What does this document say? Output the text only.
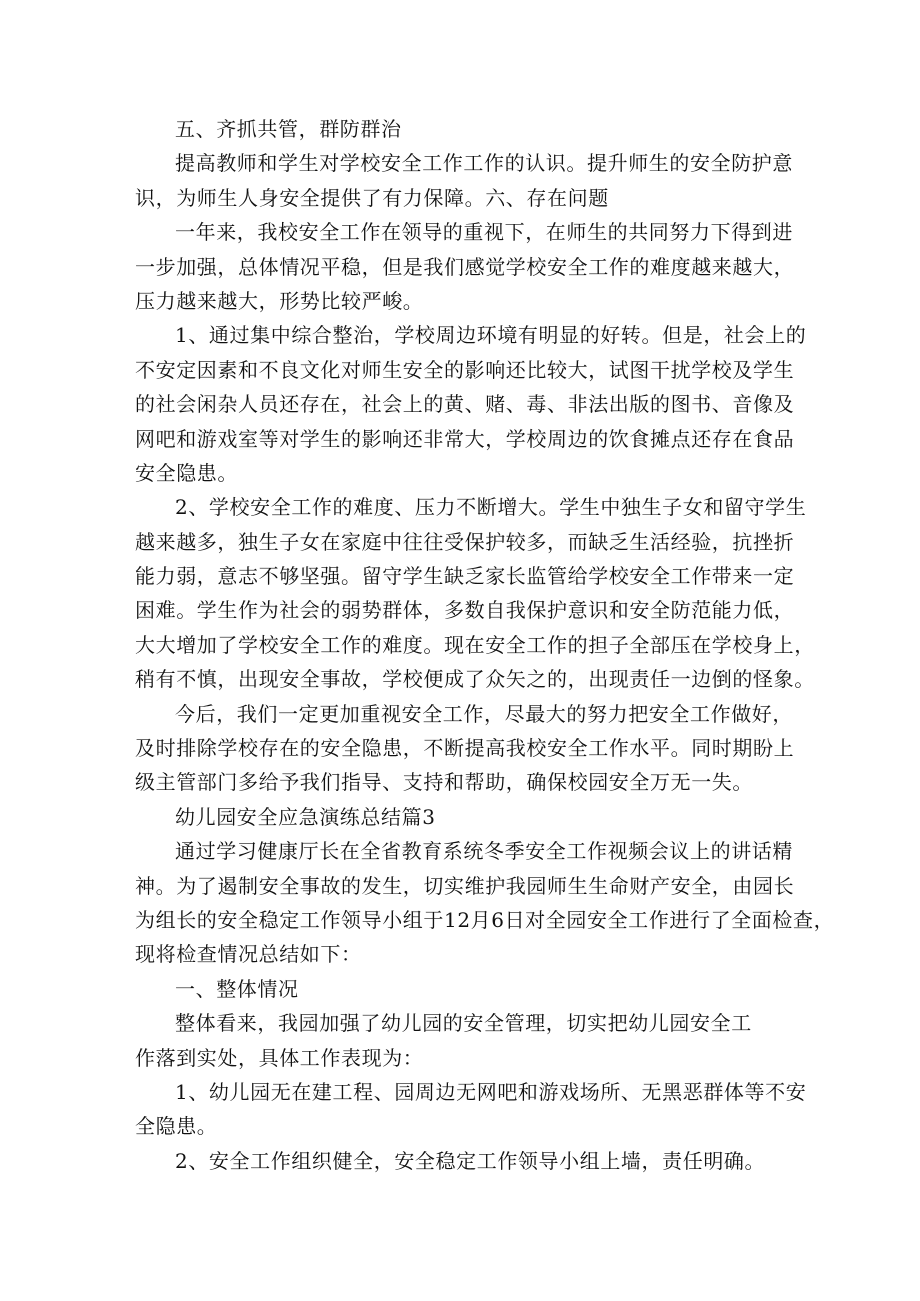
五、齐抓共管，群防群治
提高教师和学生对学校安全工作工作的认识。提升师生的安全防护意
识，为师生人身安全提供了有力保障。六、存在问题
一年来，我校安全工作在领导的重视下，在师生的共同努力下得到进
一步加强，总体情况平稳，但是我们感觉学校安全工作的难度越来越大，
压力越来越大，形势比较严峻。
1、通过集中综合整治，学校周边环境有明显的好转。但是，社会上的
不安定因素和不良文化对师生安全的影响还比较大，试图干扰学校及学生
的社会闲杂人员还存在，社会上的黄、赌、毒、非法出版的图书、音像及
网吧和游戏室等对学生的影响还非常大，学校周边的饮食摊点还存在食品
安全隐患。
2、学校安全工作的难度、压力不断增大。学生中独生子女和留守学生
越来越多，独生子女在家庭中往往受保护较多，而缺乏生活经验，抗挫折
能力弱，意志不够坚强。留守学生缺乏家长监管给学校安全工作带来一定
困难。学生作为社会的弱势群体，多数自我保护意识和安全防范能力低，
大大增加了学校安全工作的难度。现在安全工作的担子全部压在学校身上，
稍有不慎，出现安全事故，学校便成了众矢之的，出现责任一边倒的怪象。
今后，我们一定更加重视安全工作，尽最大的努力把安全工作做好，
及时排除学校存在的安全隐患，不断提高我校安全工作水平。同时期盼上
级主管部门多给予我们指导、支持和帮助，确保校园安全万无一失。
幼儿园安全应急演练总结篇3
通过学习健康厅长在全省教育系统冬季安全工作视频会议上的讲话精
神。为了遏制安全事故的发生，切实维护我园师生生命财产安全，由园长
为组长的安全稳定工作领导小组于12月6日对全园安全工作进行了全面检查，
现将检查情况总结如下：
一、整体情况
整体看来，我园加强了幼儿园的安全管理，切实把幼儿园安全工
作落到实处，具体工作表现为：
1、幼儿园无在建工程、园周边无网吧和游戏场所、无黑恶群体等不安
全隐患。
2、安全工作组织健全，安全稳定工作领导小组上墙，责任明确。
